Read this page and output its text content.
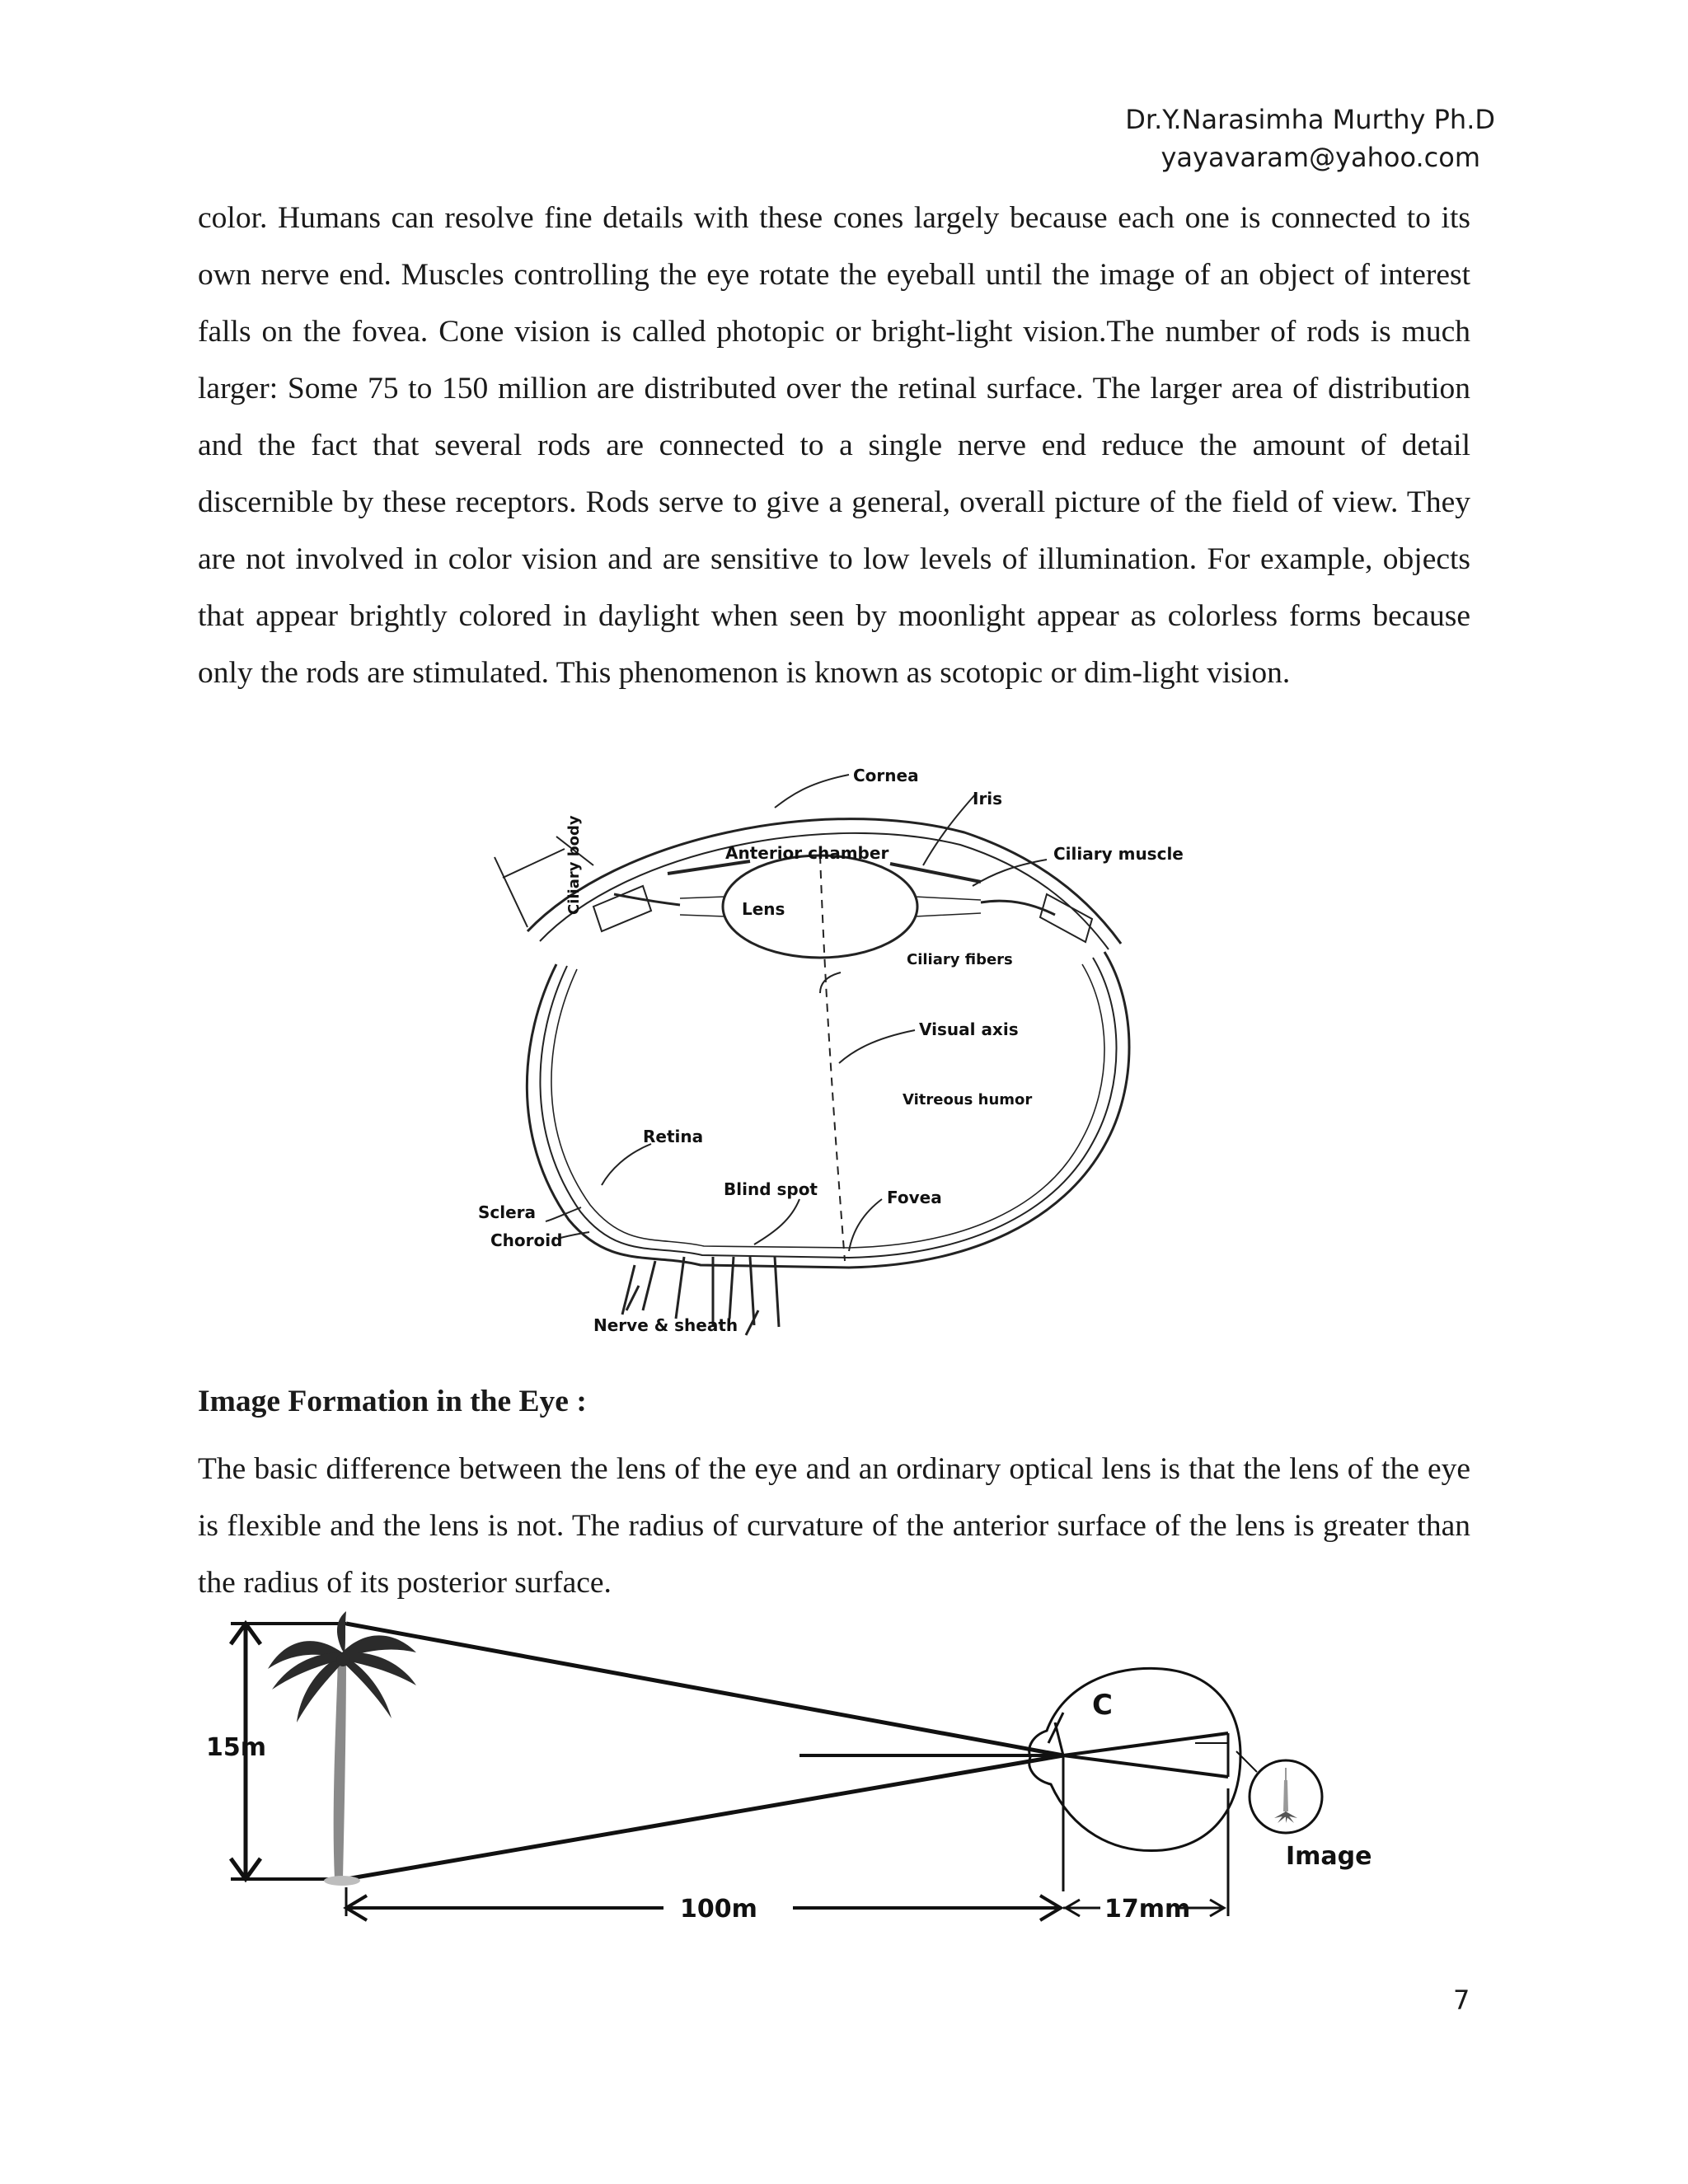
Dr.Y.Narasimha Murthy Ph.D
yayavaram@yahoo.com

color. Humans can resolve fine details with these cones largely because each one is connected to its own nerve end. Muscles controlling the eye rotate the eyeball until the image of an object of interest falls on the fovea. Cone vision is called photopic or bright-light vision.The number of rods is much larger: Some 75 to 150 million are distributed over the retinal surface. The larger area of distribution and the fact that several rods are connected to a single nerve end reduce the amount of detail discernible by these receptors. Rods serve to give a general, overall picture of the field of view. They are not involved in color vision and are sensitive to low levels of illumination. For example, objects that appear brightly colored in daylight when seen by moonlight appear as colorless forms because only the rods are stimulated. This phenomenon is known as scotopic or dim-light vision.

Cornea
Iris
Ciliary body	Anterior chamber	Ciliary muscle
Lens
Ciliary fibers
Visual axis
Vitreous humor
Retina
Blind spot	Fovea
Sclera
Choroid
Nerve & sheath

Image Formation in the Eye :

The basic difference between the lens of the eye and an ordinary optical lens is that the lens of the eye is flexible and the lens is not. The radius of curvature of the anterior surface of the lens is greater than the radius of its posterior surface.

15m
100m	17mm
C
Image
7
